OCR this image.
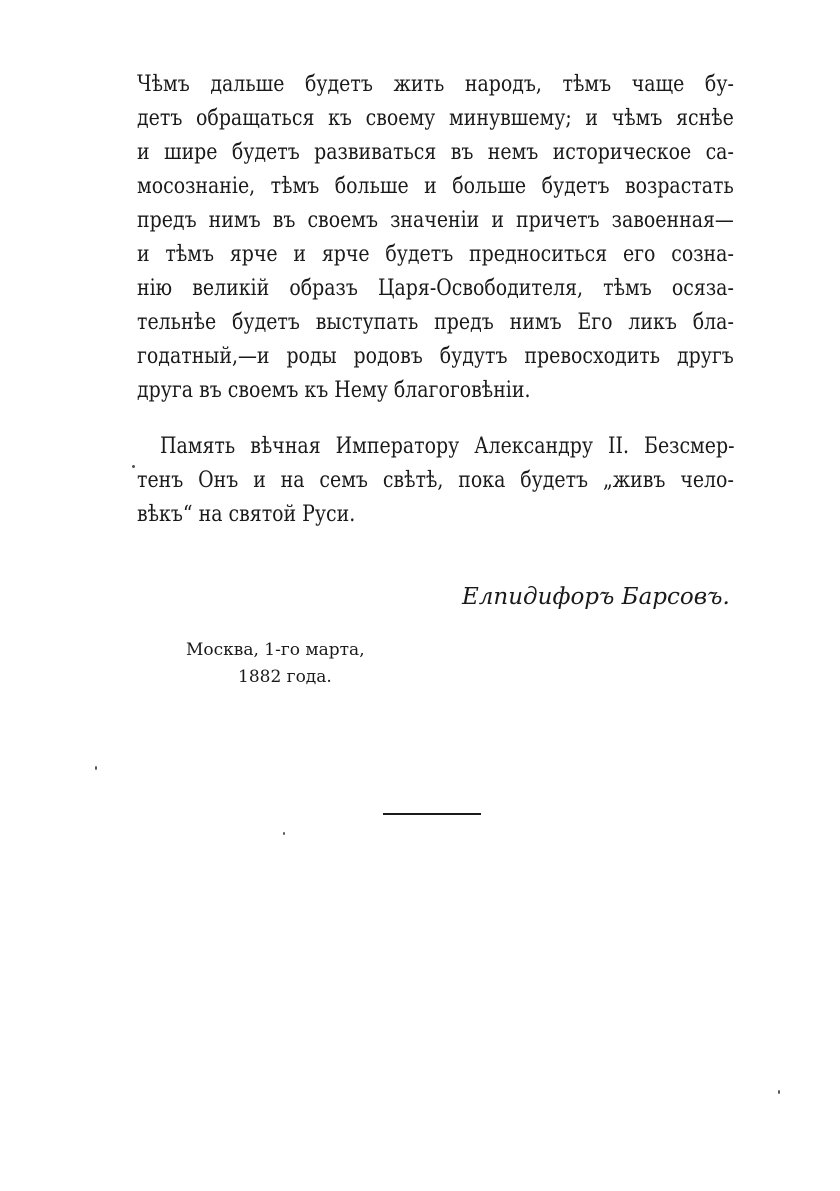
Чѣмъ дальше будетъ жить народъ, тѣмъ чаще бу-
детъ обращаться къ своему минувшему; и чѣмъ яснѣе
и шире будетъ развиваться въ немъ историческое са-
мосознаніе, тѣмъ больше и больше будетъ возрастать
предъ нимъ въ своемъ значеніи и причетъ завоенная—
и тѣмъ ярче и ярче будетъ предноситься его созна-
нію великій образъ Царя-Освободителя, тѣмъ осяза-
тельнѣе будетъ выступать предъ нимъ Его ликъ бла-
годатный,—и роды родовъ будутъ превосходить другъ
друга въ своемъ къ Нему благоговѣніи.
Память вѣчная Императору Александру II. Безсмер-
тенъ Онъ и на семъ свѣтѣ, пока будетъ „живъ чело-
вѣкъ“ на святой Руси.
Елпидифоръ Барсовъ.
Москва, 1-го марта,
1882 года.
